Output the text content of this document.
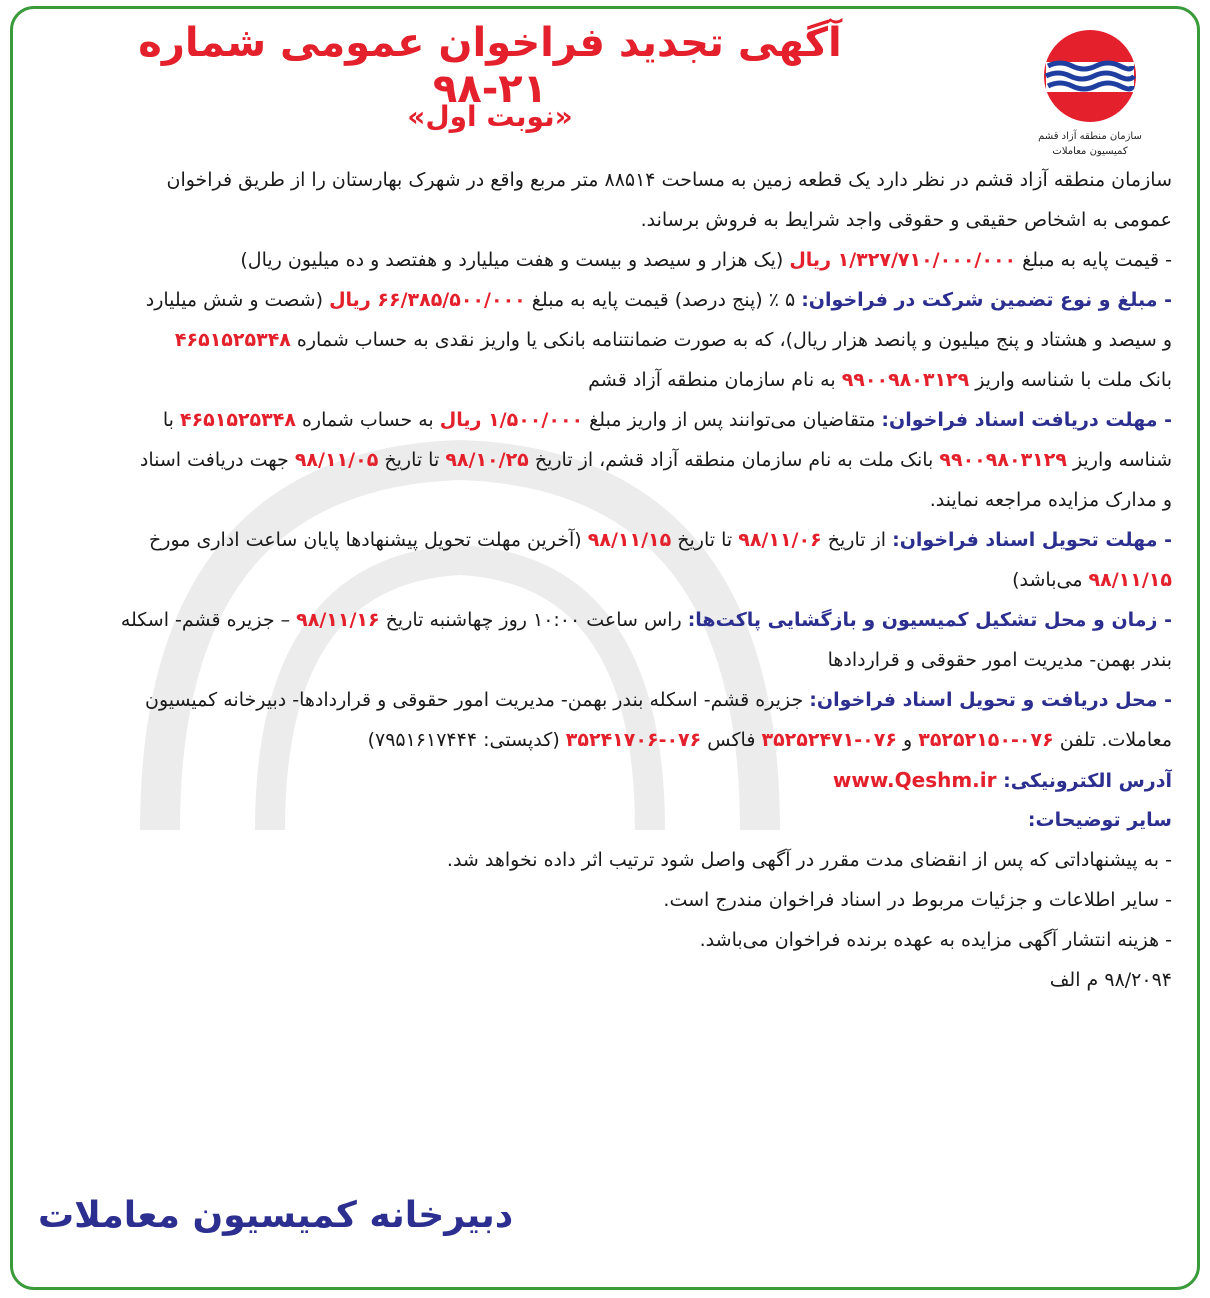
سازمان منطقه آزاد قشم
کمیسیون معاملات
آگهی تجدید فراخوان عمومی شماره ۲۱-۹۸
«نوبت اول»
سازمان منطقه آزاد قشم در نظر دارد یک قطعه زمین به مساحت ۸۸۵۱۴ متر مربع واقع در شهرک بهارستان را از طریق فراخوان
عمومی به اشخاص حقیقی و حقوقی واجد شرایط به فروش برساند.
- قیمت پایه به مبلغ ۱/۳۲۷/۷۱۰/۰۰۰/۰۰۰ ریال (یک هزار و سیصد و بیست و هفت میلیارد و هفتصد و ده میلیون ریال)
- مبلغ و نوع تضمین شرکت در فراخوان: ۵ ٪ (پنج درصد) قیمت پایه به مبلغ ۶۶/۳۸۵/۵۰۰/۰۰۰ ریال (شصت و شش میلیارد
و سیصد و هشتاد و پنج میلیون و پانصد هزار ریال)، که به صورت ضمانتنامه بانکی یا واریز نقدی به حساب شماره ۴۶۵۱۵۲۵۳۴۸
بانک ملت با شناسه واریز ۹۹۰۰۹۸۰۳۱۲۹ به نام سازمان منطقه آزاد قشم
- مهلت دریافت اسناد فراخوان: متقاضیان می‌توانند پس از واریز مبلغ ۱/۵۰۰/۰۰۰ ریال به حساب شماره ۴۶۵۱۵۲۵۳۴۸ با
شناسه واریز ۹۹۰۰۹۸۰۳۱۲۹ بانک ملت به نام سازمان منطقه آزاد قشم، از تاریخ ۹۸/۱۰/۲۵ تا تاریخ ۹۸/۱۱/۰۵ جهت دریافت اسناد
و مدارک مزایده مراجعه نمایند.
- مهلت تحویل اسناد فراخوان: از تاریخ ۹۸/۱۱/۰۶ تا تاریخ ۹۸/۱۱/۱۵ (آخرین مهلت تحویل پیشنهادها پایان ساعت اداری مورخ
۹۸/۱۱/۱۵ می‌باشد)
- زمان و محل تشکیل کمیسیون و بازگشایی پاکت‌ها: راس ساعت ۱۰:۰۰ روز چهاشنبه تاریخ ۹۸/۱۱/۱۶ – جزیره قشم- اسکله
بندر بهمن- مدیریت امور حقوقی و قراردادها
- محل دریافت و تحویل اسناد فراخوان: جزیره قشم- اسکله بندر بهمن- مدیریت امور حقوقی و قراردادها- دبیرخانه کمیسیون
معاملات. تلفن ۰۷۶-۳۵۲۵۲۱۵۰ و ۰۷۶-۳۵۲۵۲۴۷۱ فاکس ۰۷۶-۳۵۲۴۱۷۰۶ (کدپستی: ۷۹۵۱۶۱۷۴۴۴)
آدرس الکترونیکی: www.Qeshm.ir
سایر توضیحات:
- به پیشنهاداتی که پس از انقضای مدت مقرر در آگهی واصل شود ترتیب اثر داده نخواهد شد.
- سایر اطلاعات و جزئیات مربوط در اسناد فراخوان مندرج است.
- هزینه انتشار آگهی مزایده به عهده برنده فراخوان می‌باشد.
۹۸/۲۰۹۴ م الف
دبیرخانه کمیسیون معاملات
